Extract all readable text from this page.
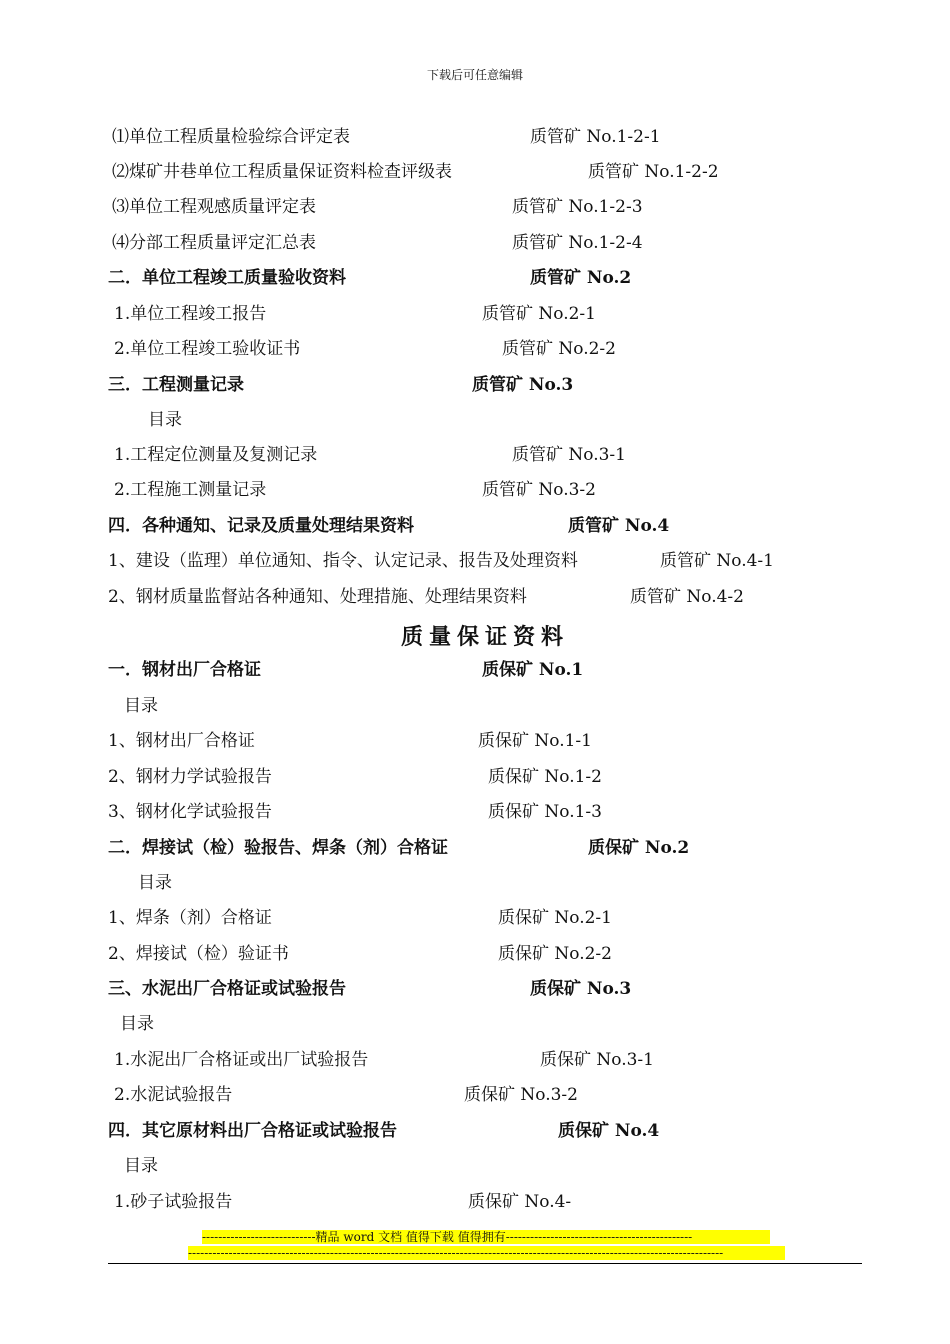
下载后可任意编辑
⑴单位工程质量检验综合评定表	质管矿 No.1-2-1
⑵煤矿井巷单位工程质量保证资料检查评级表	质管矿 No.1-2-2
⑶单位工程观感质量评定表	质管矿 No.1-2-3
⑷分部工程质量评定汇总表	质管矿 No.1-2-4
二．单位工程竣工质量验收资料	质管矿 No.2
1.单位工程竣工报告	质管矿 No.2-1
2.单位工程竣工验收证书	质管矿 No.2-2
三．工程测量记录	质管矿 No.3
目录
1.工程定位测量及复测记录	质管矿 No.3-1
2.工程施工测量记录	质管矿 No.3-2
四．各种通知、记录及质量处理结果资料	质管矿 No.4
1、建设（监理）单位通知、指令、认定记录、报告及处理资料	质管矿 No.4-1
2、钢材质量监督站各种通知、处理措施、处理结果资料	质管矿 No.4-2
质量保证资料
一．钢材出厂合格证	质保矿 No.1
目录
1、钢材出厂合格证	质保矿 No.1-1
2、钢材力学试验报告	质保矿 No.1-2
3、钢材化学试验报告	质保矿 No.1-3
二．焊接试（检）验报告、焊条（剂）合格证	质保矿 No.2
目录
1、焊条（剂）合格证	质保矿 No.2-1
2、焊接试（检）验证书	质保矿 No.2-2
三、水泥出厂合格证或试验报告	质保矿 No.3
目录
1.水泥出厂合格证或出厂试验报告	质保矿 No.3-1
2.水泥试验报告	质保矿 No.3-2
四．其它原材料出厂合格证或试验报告	质保矿 No.4
目录
1.砂子试验报告	质保矿 No.4-
----------------------------精品 word 文档 值得下载 值得拥有----------------------------------------------
------------------------------------------------------------------------------------------------------------------------------------
